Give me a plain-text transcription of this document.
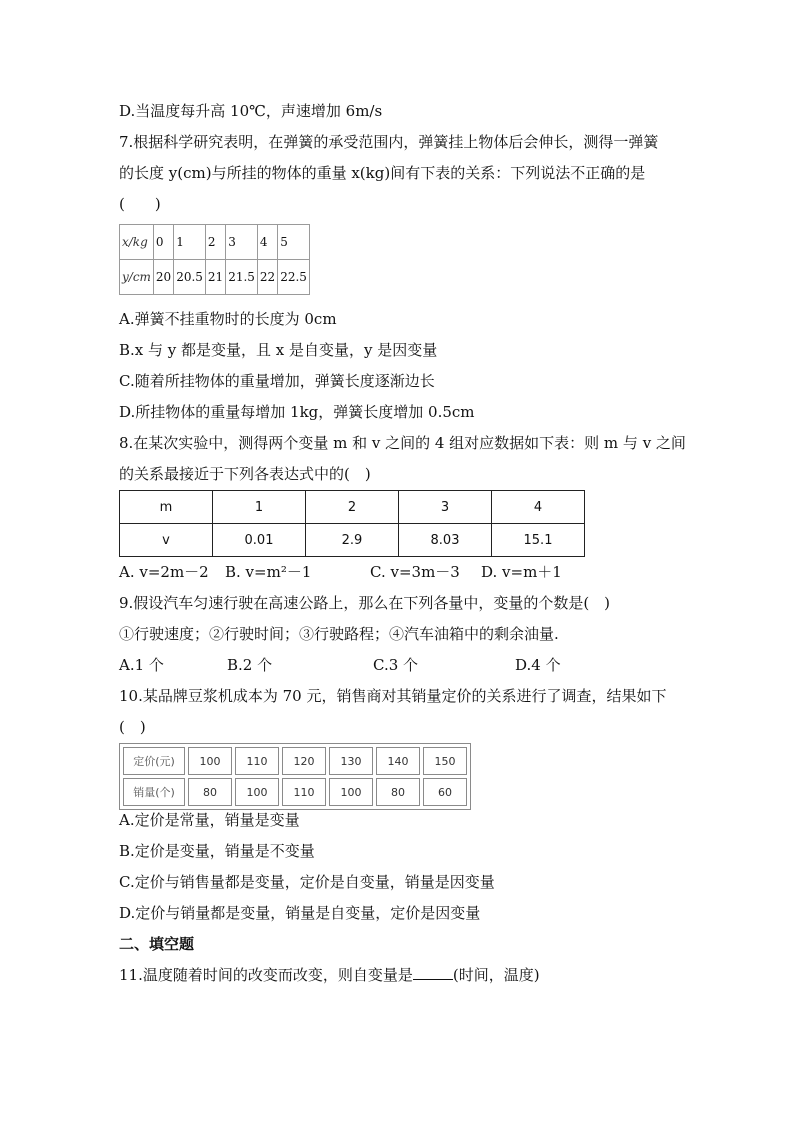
D.当温度每升高 10℃，声速增加 6m/s
7.根据科学研究表明，在弹簧的承受范围内，弹簧挂上物体后会伸长，测得一弹簧
的长度 y(cm)与所挂的物体的重量 x(kg)间有下表的关系：下列说法不正确的是
(　　)
x/kg	0	1	2	3	4	5
y/cm	20	20.5	21	21.5	22	22.5
A.弹簧不挂重物时的长度为 0cm
B.x 与 y 都是变量，且 x 是自变量，y 是因变量
C.随着所挂物体的重量增加，弹簧长度逐渐边长
D.所挂物体的重量每增加 1kg，弹簧长度增加 0.5cm
8.在某次实验中，测得两个变量 m 和 v 之间的 4 组对应数据如下表：则 m 与 v 之间
的关系最接近于下列各表达式中的(　)
m	1	2	3	4
v	0.01	2.9	8.03	15.1
A. v=2m－2 B. v=m²－1	C. v=3m－3 D. v=m＋1
9.假设汽车匀速行驶在高速公路上，那么在下列各量中，变量的个数是(　)
①行驶速度；②行驶时间；③行驶路程；④汽车油箱中的剩余油量.
A.1 个	B.2 个	C.3 个	D.4 个
10.某品牌豆浆机成本为 70 元，销售商对其销量定价的关系进行了调查，结果如下
(　)
定价(元)	100	110	120	130	140	150
销量(个)	80	100	110	100	80	60
A.定价是常量，销量是变量
B.定价是变量，销量是不变量
C.定价与销售量都是变量，定价是自变量，销量是因变量
D.定价与销量都是变量，销量是自变量，定价是因变量
二、填空题
11.温度随着时间的改变而改变，则自变量是	(时间，温度)
